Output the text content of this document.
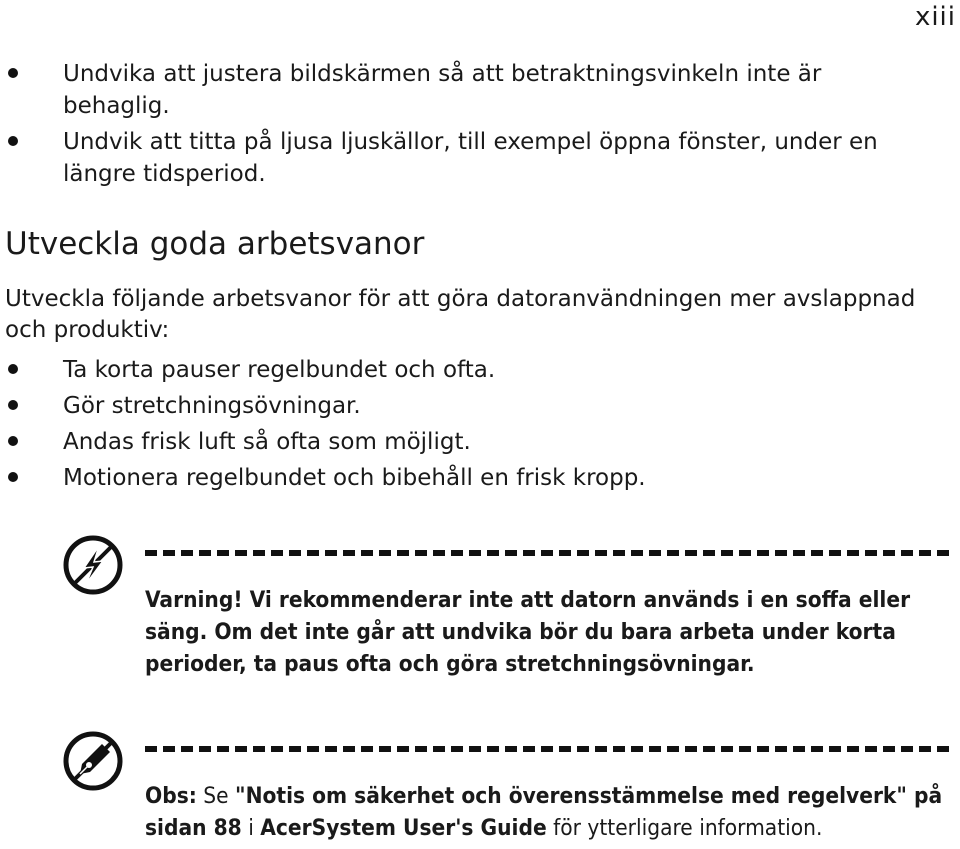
xiii
Undvika att justera bildskärmen så att betraktningsvinkeln inte är behaglig.
Undvik att titta på ljusa ljuskällor, till exempel öppna fönster, under en längre tidsperiod.
Utveckla goda arbetsvanor

Utveckla följande arbetsvanor för att göra datoranvändningen mer avslappnad och produktiv:

Ta korta pauser regelbundet och ofta.
Gör stretchningsövningar.
Andas frisk luft så ofta som möjligt.
Motionera regelbundet och bibehåll en frisk kropp.

Varning! Vi rekommenderar inte att datorn används i en soffa eller säng. Om det inte går att undvika bör du bara arbeta under korta perioder, ta paus ofta och göra stretchningsövningar.

Obs: Se "Notis om säkerhet och överensstämmelse med regelverk" på sidan 88 i AcerSystem User's Guide för ytterligare information.
